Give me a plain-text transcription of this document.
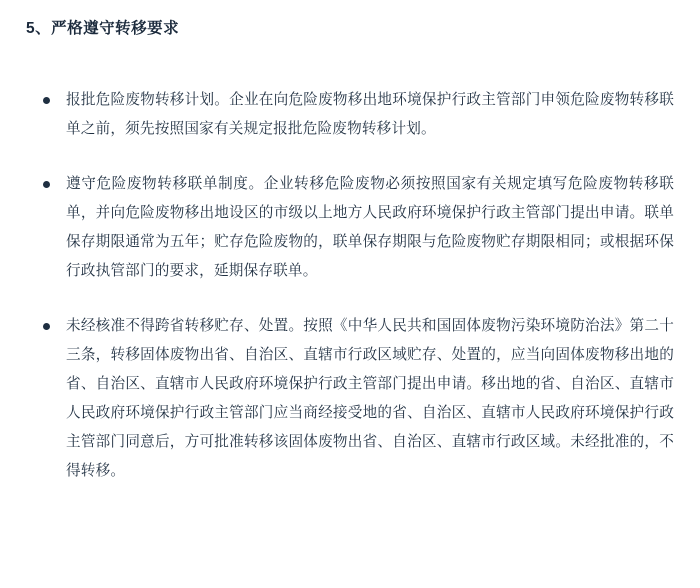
5、严格遵守转移要求
报批危险废物转移计划。企业在向危险废物移出地环境保护行政主管部门申领危险废物转移联单之前，须先按照国家有关规定报批危险废物转移计划。
遵守危险废物转移联单制度。企业转移危险废物必须按照国家有关规定填写危险废物转移联单，并向危险废物移出地设区的市级以上地方人民政府环境保护行政主管部门提出申请。联单保存期限通常为五年；贮存危险废物的，联单保存期限与危险废物贮存期限相同；或根据环保行政执管部门的要求，延期保存联单。
未经核准不得跨省转移贮存、处置。按照《中华人民共和国固体废物污染环境防治法》第二十三条，转移固体废物出省、自治区、直辖市行政区域贮存、处置的，应当向固体废物移出地的省、自治区、直辖市人民政府环境保护行政主管部门提出申请。移出地的省、自治区、直辖市人民政府环境保护行政主管部门应当商经接受地的省、自治区、直辖市人民政府环境保护行政主管部门同意后，方可批准转移该固体废物出省、自治区、直辖市行政区域。未经批准的，不得转移。
